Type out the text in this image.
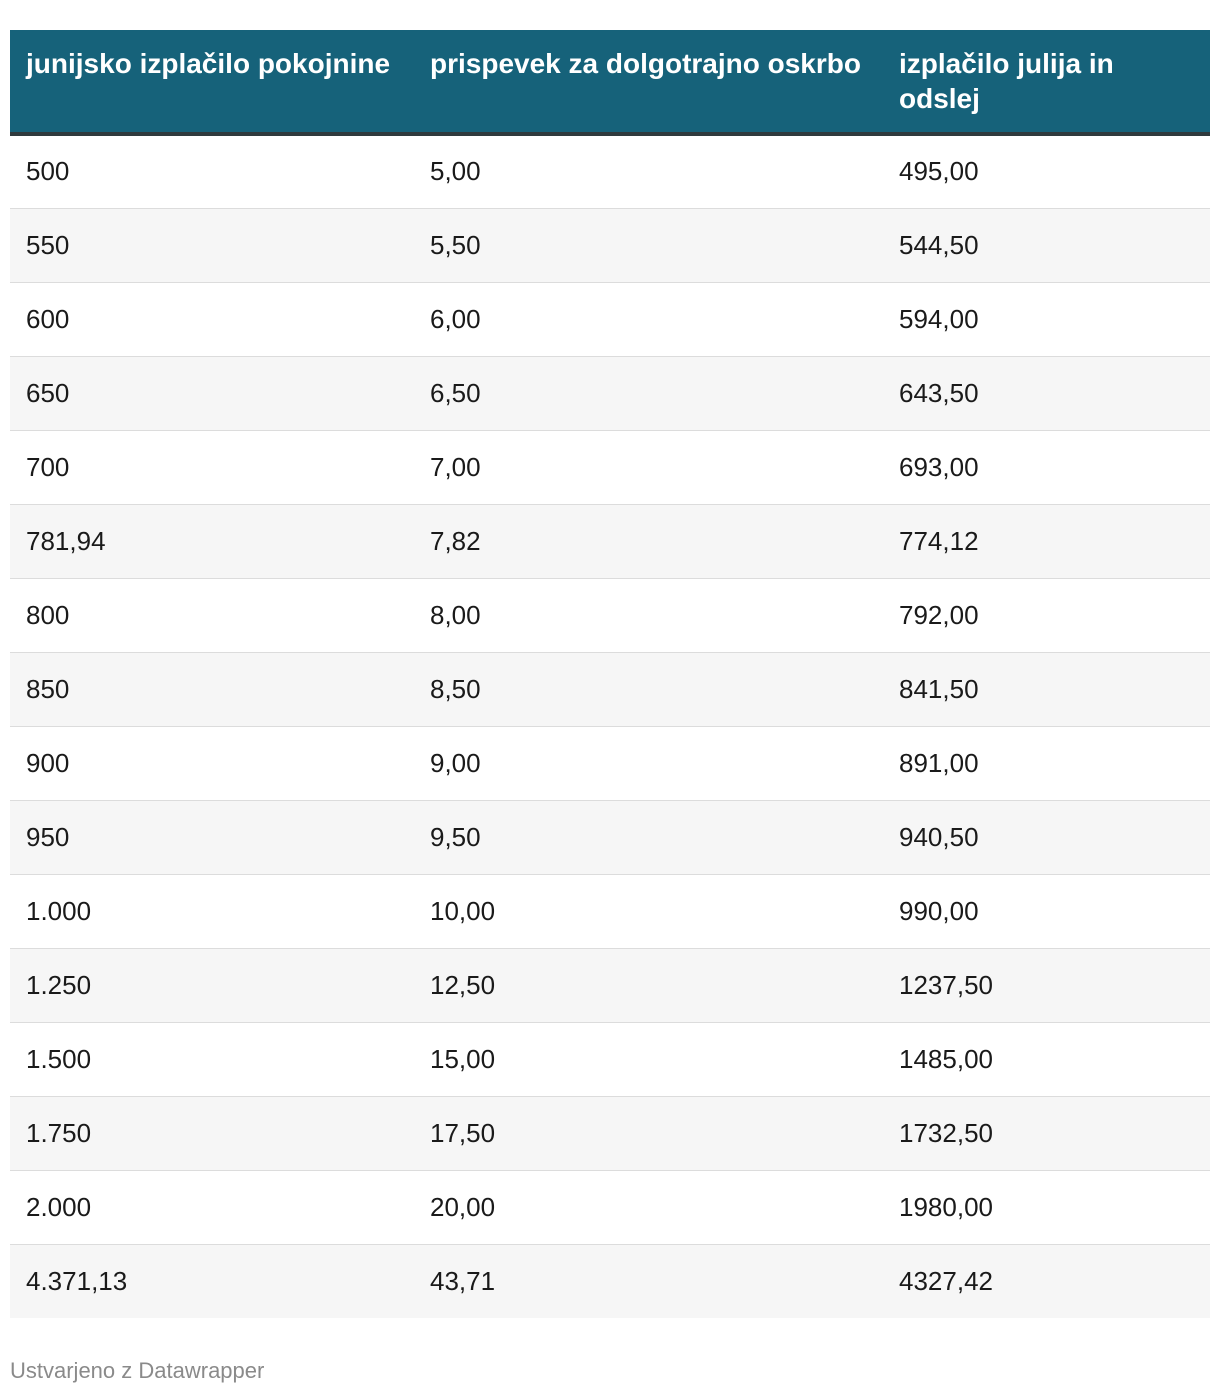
junijsko izplačilo pokojnine	prispevek za dolgotrajno oskrbo	izplačilo julija in odslej
500	5,00	495,00
550	5,50	544,50
600	6,00	594,00
650	6,50	643,50
700	7,00	693,00
781,94	7,82	774,12
800	8,00	792,00
850	8,50	841,50
900	9,00	891,00
950	9,50	940,50
1.000	10,00	990,00
1.250	12,50	1237,50
1.500	15,00	1485,00
1.750	17,50	1732,50
2.000	20,00	1980,00
4.371,13	43,71	4327,42
Ustvarjeno z Datawrapper
